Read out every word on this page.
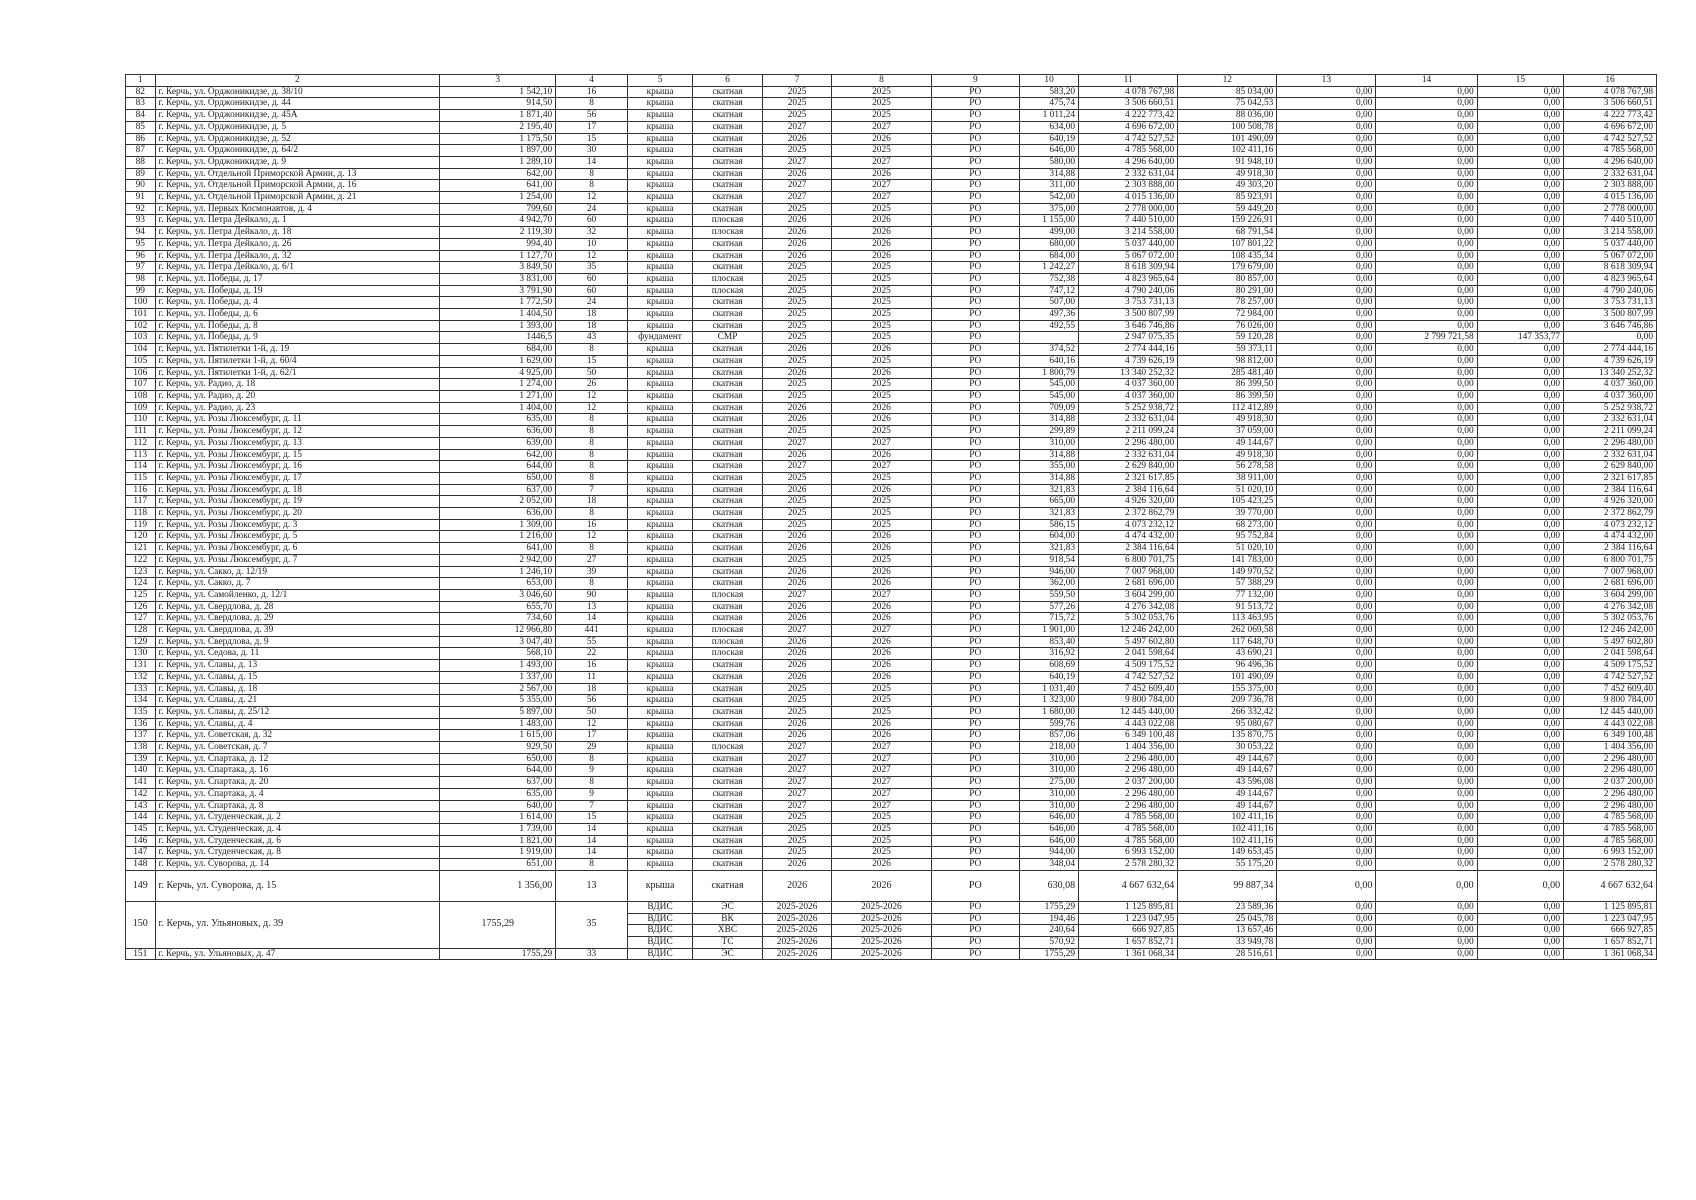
1	2	3	4	5	6	7	8	9	10	11	12	13	14	15	16
82	г. Керчь, ул. Орджоникидзе, д. 38/10	1 542,10	16	крыша	скатная	2025	2025	РО	583,20	4 078 767,98	85 034,00	0,00	0,00	0,00	4 078 767,98
83	г. Керчь, ул. Орджоникидзе, д. 44	914,50	8	крыша	скатная	2025	2025	РО	475,74	3 506 660,51	75 042,53	0,00	0,00	0,00	3 506 660,51
84	г. Керчь, ул. Орджоникидзе, д. 45А	1 871,40	56	крыша	скатная	2025	2025	РО	1 011,24	4 222 773,42	88 036,00	0,00	0,00	0,00	4 222 773,42
85	г. Керчь, ул. Орджоникидзе, д. 5	2 195,40	17	крыша	скатная	2027	2027	РО	634,00	4 696 672,00	100 508,78	0,00	0,00	0,00	4 696 672,00
86	г. Керчь, ул. Орджоникидзе, д. 52	1 175,50	15	крыша	скатная	2026	2026	РО	640,19	4 742 527,52	101 490,09	0,00	0,00	0,00	4 742 527,52
87	г. Керчь, ул. Орджоникидзе, д. 64/2	1 897,00	30	крыша	скатная	2025	2025	РО	646,00	4 785 568,00	102 411,16	0,00	0,00	0,00	4 785 568,00
88	г. Керчь, ул. Орджоникидзе, д. 9	1 289,10	14	крыша	скатная	2027	2027	РО	580,00	4 296 640,00	91 948,10	0,00	0,00	0,00	4 296 640,00
89	г. Керчь, ул. Отдельной Приморской Армии, д. 13	642,00	8	крыша	скатная	2026	2026	РО	314,88	2 332 631,04	49 918,30	0,00	0,00	0,00	2 332 631,04
90	г. Керчь, ул. Отдельной Приморской Армии, д. 16	641,00	8	крыша	скатная	2027	2027	РО	311,00	2 303 888,00	49 303,20	0,00	0,00	0,00	2 303 888,00
91	г. Керчь, ул. Отдельной Приморской Армии, д. 21	1 254,00	12	крыша	скатная	2027	2027	РО	542,00	4 015 136,00	85 923,91	0,00	0,00	0,00	4 015 136,00
92	г. Керчь, ул. Первых Космонавтов, д. 4	799,60	24	крыша	скатная	2025	2025	РО	375,00	2 778 000,00	59 449,20	0,00	0,00	0,00	2 778 000,00
93	г. Керчь, ул. Петра Дейкало, д. 1	4 942,70	60	крыша	плоская	2026	2026	РО	1 155,00	7 440 510,00	159 226,91	0,00	0,00	0,00	7 440 510,00
94	г. Керчь, ул. Петра Дейкало, д. 18	2 119,30	32	крыша	плоская	2026	2026	РО	499,00	3 214 558,00	68 791,54	0,00	0,00	0,00	3 214 558,00
95	г. Керчь, ул. Петра Дейкало, д. 26	994,40	10	крыша	скатная	2026	2026	РО	680,00	5 037 440,00	107 801,22	0,00	0,00	0,00	5 037 440,00
96	г. Керчь, ул. Петра Дейкало, д. 32	1 127,70	12	крыша	скатная	2026	2026	РО	684,00	5 067 072,00	108 435,34	0,00	0,00	0,00	5 067 072,00
97	г. Керчь, ул. Петра Дейкало, д. 6/1	3 849,50	35	крыша	скатная	2025	2025	РО	1 242,27	8 618 309,94	179 679,00	0,00	0,00	0,00	8 618 309,94
98	г. Керчь, ул. Победы, д. 17	3 831,00	60	крыша	плоская	2025	2025	РО	752,38	4 823 965,64	80 857,00	0,00	0,00	0,00	4 823 965,64
99	г. Керчь, ул. Победы, д. 19	3 791,90	60	крыша	плоская	2025	2025	РО	747,12	4 790 240,06	80 291,00	0,00	0,00	0,00	4 790 240,06
100	г. Керчь, ул. Победы, д. 4	1 772,50	24	крыша	скатная	2025	2025	РО	507,00	3 753 731,13	78 257,00	0,00	0,00	0,00	3 753 731,13
101	г. Керчь, ул. Победы, д. 6	1 404,50	18	крыша	скатная	2025	2025	РО	497,36	3 500 807,99	72 984,00	0,00	0,00	0,00	3 500 807,99
102	г. Керчь, ул. Победы, д. 8	1 393,00	18	крыша	скатная	2025	2025	РО	492,55	3 646 746,86	76 026,00	0,00	0,00	0,00	3 646 746,86
103	г. Керчь, ул. Победы, д. 9	1446,5	43	фундамент	СМР	2025	2025	РО		2 947 075,35	59 120,28	0,00	2 799 721,58	147 353,77	0,00
104	г. Керчь, ул. Пятилетки 1-й, д. 19	684,00	8	крыша	скатная	2026	2026	РО	374,52	2 774 444,16	59 373,11	0,00	0,00	0,00	2 774 444,16
105	г. Керчь, ул. Пятилетки 1-й, д. 60/4	1 629,00	15	крыша	скатная	2025	2025	РО	640,16	4 739 626,19	98 812,00	0,00	0,00	0,00	4 739 626,19
106	г. Керчь, ул. Пятилетки 1-й, д. 62/1	4 925,00	50	крыша	скатная	2026	2026	РО	1 800,79	13 340 252,32	285 481,40	0,00	0,00	0,00	13 340 252,32
107	г. Керчь, ул. Радио, д. 18	1 274,00	26	крыша	скатная	2025	2025	РО	545,00	4 037 360,00	86 399,50	0,00	0,00	0,00	4 037 360,00
108	г. Керчь, ул. Радио, д. 20	1 271,00	12	крыша	скатная	2025	2025	РО	545,00	4 037 360,00	86 399,50	0,00	0,00	0,00	4 037 360,00
109	г. Керчь, ул. Радио, д. 23	1 404,00	12	крыша	скатная	2026	2026	РО	709,09	5 252 938,72	112 412,89	0,00	0,00	0,00	5 252 938,72
110	г. Керчь, ул. Розы Люксембург, д. 11	635,00	8	крыша	скатная	2026	2026	РО	314,88	2 332 631,04	49 918,30	0,00	0,00	0,00	2 332 631,04
111	г. Керчь, ул. Розы Люксембург, д. 12	636,00	8	крыша	скатная	2025	2025	РО	299,89	2 211 099,24	37 059,00	0,00	0,00	0,00	2 211 099,24
112	г. Керчь, ул. Розы Люксембург, д. 13	639,00	8	крыша	скатная	2027	2027	РО	310,00	2 296 480,00	49 144,67	0,00	0,00	0,00	2 296 480,00
113	г. Керчь, ул. Розы Люксембург, д. 15	642,00	8	крыша	скатная	2026	2026	РО	314,88	2 332 631,04	49 918,30	0,00	0,00	0,00	2 332 631,04
114	г. Керчь, ул. Розы Люксембург, д. 16	644,00	8	крыша	скатная	2027	2027	РО	355,00	2 629 840,00	56 278,58	0,00	0,00	0,00	2 629 840,00
115	г. Керчь, ул. Розы Люксембург, д. 17	650,00	8	крыша	скатная	2025	2025	РО	314,88	2 321 617,85	38 911,00	0,00	0,00	0,00	2 321 617,85
116	г. Керчь, ул. Розы Люксембург, д. 18	637,00	7	крыша	скатная	2026	2026	РО	321,83	2 384 116,64	51 020,10	0,00	0,00	0,00	2 384 116,64
117	г. Керчь, ул. Розы Люксембург, д. 19	2 052,00	18	крыша	скатная	2025	2025	РО	665,00	4 926 320,00	105 423,25	0,00	0,00	0,00	4 926 320,00
118	г. Керчь, ул. Розы Люксембург, д. 20	636,00	8	крыша	скатная	2025	2025	РО	321,83	2 372 862,79	39 770,00	0,00	0,00	0,00	2 372 862,79
119	г. Керчь, ул. Розы Люксембург, д. 3	1 309,00	16	крыша	скатная	2025	2025	РО	586,15	4 073 232,12	68 273,00	0,00	0,00	0,00	4 073 232,12
120	г. Керчь, ул. Розы Люксембург, д. 5	1 216,00	12	крыша	скатная	2026	2026	РО	604,00	4 474 432,00	95 752,84	0,00	0,00	0,00	4 474 432,00
121	г. Керчь, ул. Розы Люксембург, д. 6	641,00	8	крыша	скатная	2026	2026	РО	321,83	2 384 116,64	51 020,10	0,00	0,00	0,00	2 384 116,64
122	г. Керчь, ул. Розы Люксембург, д. 7	2 942,00	27	крыша	скатная	2025	2025	РО	918,54	6 800 701,75	141 783,00	0,00	0,00	0,00	6 800 701,75
123	г. Керчь, ул. Сакко, д. 12/19	1 246,10	39	крыша	скатная	2026	2026	РО	946,00	7 007 968,00	149 970,52	0,00	0,00	0,00	7 007 968,00
124	г. Керчь, ул. Сакко, д. 7	653,00	8	крыша	скатная	2026	2026	РО	362,00	2 681 696,00	57 388,29	0,00	0,00	0,00	2 681 696,00
125	г. Керчь, ул. Самойленко, д. 12/1	3 046,60	90	крыша	плоская	2027	2027	РО	559,50	3 604 299,00	77 132,00	0,00	0,00	0,00	3 604 299,00
126	г. Керчь, ул. Свердлова, д. 28	655,70	13	крыша	скатная	2026	2026	РО	577,26	4 276 342,08	91 513,72	0,00	0,00	0,00	4 276 342,08
127	г. Керчь, ул. Свердлова, д. 29	734,60	14	крыша	скатная	2026	2026	РО	715,72	5 302 053,76	113 463,95	0,00	0,00	0,00	5 302 053,76
128	г. Керчь, ул. Свердлова, д. 39	12 966,80	441	крыша	плоская	2027	2027	РО	1 901,00	12 246 242,00	262 069,58	0,00	0,00	0,00	12 246 242,00
129	г. Керчь, ул. Свердлова, д. 9	3 047,40	55	крыша	плоская	2026	2026	РО	853,40	5 497 602,80	117 648,70	0,00	0,00	0,00	5 497 602,80
130	г. Керчь, ул. Седова, д. 11	568,10	22	крыша	плоская	2026	2026	РО	316,92	2 041 598,64	43 690,21	0,00	0,00	0,00	2 041 598,64
131	г. Керчь, ул. Славы, д. 13	1 493,00	16	крыша	скатная	2026	2026	РО	608,69	4 509 175,52	96 496,36	0,00	0,00	0,00	4 509 175,52
132	г. Керчь, ул. Славы, д. 15	1 337,00	11	крыша	скатная	2026	2026	РО	640,19	4 742 527,52	101 490,09	0,00	0,00	0,00	4 742 527,52
133	г. Керчь, ул. Славы, д. 18	2 567,00	18	крыша	скатная	2025	2025	РО	1 031,40	7 452 609,40	155 375,00	0,00	0,00	0,00	7 452 609,40
134	г. Керчь, ул. Славы, д. 21	5 355,00	56	крыша	скатная	2025	2025	РО	1 323,00	9 800 784,00	209 736,78	0,00	0,00	0,00	9 800 784,00
135	г. Керчь, ул. Славы, д. 25/12	5 897,00	50	крыша	скатная	2025	2025	РО	1 680,00	12 445 440,00	266 332,42	0,00	0,00	0,00	12 445 440,00
136	г. Керчь, ул. Славы, д. 4	1 483,00	12	крыша	скатная	2026	2026	РО	599,76	4 443 022,08	95 080,67	0,00	0,00	0,00	4 443 022,08
137	г. Керчь, ул. Советская, д. 32	1 615,00	17	крыша	скатная	2026	2026	РО	857,06	6 349 100,48	135 870,75	0,00	0,00	0,00	6 349 100,48
138	г. Керчь, ул. Советская, д. 7	929,50	29	крыша	плоская	2027	2027	РО	218,00	1 404 356,00	30 053,22	0,00	0,00	0,00	1 404 356,00
139	г. Керчь, ул. Спартака, д. 12	650,00	8	крыша	скатная	2027	2027	РО	310,00	2 296 480,00	49 144,67	0,00	0,00	0,00	2 296 480,00
140	г. Керчь, ул. Спартака, д. 16	644,00	9	крыша	скатная	2027	2027	РО	310,00	2 296 480,00	49 144,67	0,00	0,00	0,00	2 296 480,00
141	г. Керчь, ул. Спартака, д. 20	637,00	8	крыша	скатная	2027	2027	РО	275,00	2 037 200,00	43 596,08	0,00	0,00	0,00	2 037 200,00
142	г. Керчь, ул. Спартака, д. 4	635,00	9	крыша	скатная	2027	2027	РО	310,00	2 296 480,00	49 144,67	0,00	0,00	0,00	2 296 480,00
143	г. Керчь, ул. Спартака, д. 8	640,00	7	крыша	скатная	2027	2027	РО	310,00	2 296 480,00	49 144,67	0,00	0,00	0,00	2 296 480,00
144	г. Керчь, ул. Студенческая, д. 2	1 614,00	15	крыша	скатная	2025	2025	РО	646,00	4 785 568,00	102 411,16	0,00	0,00	0,00	4 785 568,00
145	г. Керчь, ул. Студенческая, д. 4	1 739,00	14	крыша	скатная	2025	2025	РО	646,00	4 785 568,00	102 411,16	0,00	0,00	0,00	4 785 568,00
146	г. Керчь, ул. Студенческая, д. 6	1 821,00	14	крыша	скатная	2025	2025	РО	646,00	4 785 568,00	102 411,16	0,00	0,00	0,00	4 785 568,00
147	г. Керчь, ул. Студенческая, д. 8	1 919,00	14	крыша	скатная	2025	2025	РО	944,00	6 993 152,00	149 653,45	0,00	0,00	0,00	6 993 152,00
148	г. Керчь, ул. Суворова, д. 14	651,00	8	крыша	скатная	2026	2026	РО	348,04	2 578 280,32	55 175,20	0,00	0,00	0,00	2 578 280,32
149	г. Керчь, ул. Суворова, д. 15	1 356,00	13	крыша	скатная	2026	2026	РО	630,08	4 667 632,64	99 887,34	0,00	0,00	0,00	4 667 632,64
150	г. Керчь, ул. Ульяновых, д. 39	1755,29	35	ВДИС	ЭС	2025-2026	2025-2026	РО	1755,29	1 125 895,81	23 589,36	0,00	0,00	0,00	1 125 895,81
				ВДИС	ВК	2025-2026	2025-2026	РО	194,46	1 223 047,95	25 045,78	0,00	0,00	0,00	1 223 047,95
				ВДИС	ХВС	2025-2026	2025-2026	РО	240,64	666 927,85	13 657,46	0,00	0,00	0,00	666 927,85
				ВДИС	ТС	2025-2026	2025-2026	РО	570,92	1 657 852,71	33 949,78	0,00	0,00	0,00	1 657 852,71
151	г. Керчь, ул. Ульяновых, д. 47	1755,29	33	ВДИС	ЭС	2025-2026	2025-2026	РО	1755,29	1 361 068,34	28 516,61	0,00	0,00	0,00	1 361 068,34
